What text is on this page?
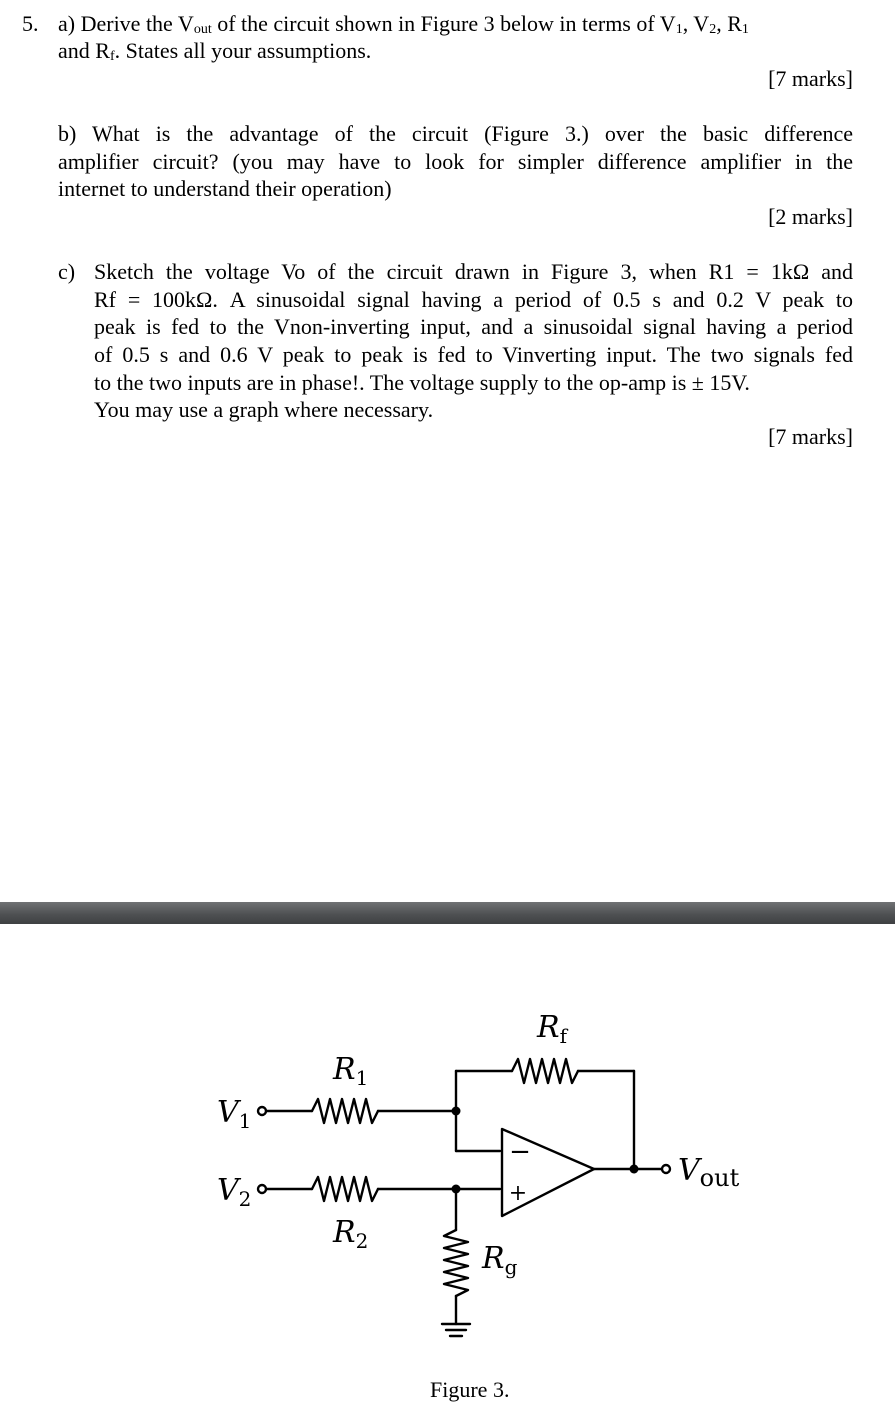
5. a) Derive the $V_{out}$ of the circuit shown in Figure 3 below in terms of $V_1$, $V_2$, $R_1$
and $R_f$. States all your assumptions.
[7 marks]
b) What is the advantage of the circuit (Figure 3.) over the basic difference
amplifier circuit? (you may have to look for simpler difference amplifier in the
internet to understand their operation)
[2 marks]
c) Sketch the voltage Vo of the circuit drawn in Figure 3, when R1 = 1kΩ and
Rf = 100kΩ. A sinusoidal signal having a period of 0.5 s and 0.2 V peak to
peak is fed to the Vnon-inverting input, and a sinusoidal signal having a period
of 0.5 s and 0.6 V peak to peak is fed to Vinverting input. The two signals fed
to the two inputs are in phase!. The voltage supply to the op-amp is ± 15V.
You may use a graph where necessary.
[7 marks]
−
+
$R_f$
$R_1$
$R_2$	$R_g$
$V_1$
$V_2$
$V_{out}$
Figure 3.
